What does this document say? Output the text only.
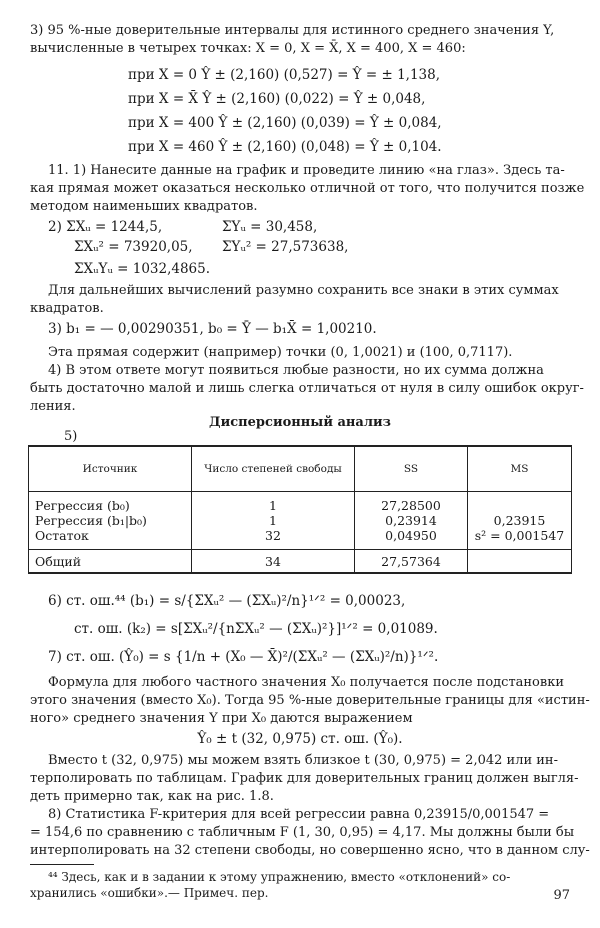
3) 95 %-ные доверительные интервалы для истинного среднего значения Y,
вычисленные в четырех точках: X = 0, X = X̄, X = 400, X = 460:
при X = 0 Ŷ ± (2,160) (0,527) = Ŷ = ± 1,138,
при X = X̄ Ŷ ± (2,160) (0,022) = Ŷ ± 0,048,
при X = 400 Ŷ ± (2,160) (0,039) = Ŷ ± 0,084,
при X = 460 Ŷ ± (2,160) (0,048) = Ŷ ± 0,104.
11. 1) Нанесите данные на график и проведите линию «на глаз». Здесь та-
кая прямая может оказаться несколько отличной от того, что получится позже
методом наименьших квадратов.
2) ΣXᵤ = 1244,5,	ΣYᵤ = 30,458,
ΣXᵤ² = 73920,05, ΣYᵤ² = 27,573638,
ΣXᵤYᵤ = 1032,4865.
Для дальнейших вычислений разумно сохранить все знаки в этих суммах
квадратов.
3) b₁ = — 0,00290351, b₀ = Ȳ — b₁X̄ = 1,00210.
Эта прямая содержит (например) точки (0, 1,0021) и (100, 0,7117).
4) В этом ответе могут появиться любые разности, но их сумма должна
быть достаточно малой и лишь слегка отличаться от нуля в силу ошибок округ-
ления.
Дисперсионный анализ
5)
Источник	Число степеней свободы	SS	MS
Регрессия (b₀)	1	27,28500	
Регрессия (b₁|b₀)	1	0,23914	0,23915
Остаток	32	0,04950	s² = 0,001547
Общий	34	27,57364	
6) ст. ош.⁴⁴ (b₁) = s/{ΣXᵤ² — (ΣXᵤ)²/n}¹ᐟ² = 0,00023,
ст. ош. (k₂) = s[ΣXᵤ²/{nΣXᵤ² — (ΣXᵤ)²}]¹ᐟ² = 0,01089.
7) ст. ош. (Ŷ₀) = s {1/n + (X₀ — X̄)²/(ΣXᵤ² — (ΣXᵤ)²/n)}¹ᐟ².
Формула для любого частного значения X₀ получается после подстановки
этого значения (вместо X₀). Тогда 95 %-ные доверительные границы для «истин-
ного» среднего значения Y при X₀ даются выражением
Ŷ₀ ± t (32, 0,975) ст. ош. (Ŷ₀).
Вместо t (32, 0,975) мы можем взять близкое t (30, 0,975) = 2,042 или ин-
терполировать по таблицам. График для доверительных границ должен выгля-
деть примерно так, как на рис. 1.8.
8) Статистика F-критерия для всей регрессии равна 0,23915/0,001547 =
= 154,6 по сравнению с табличным F (1, 30, 0,95) = 4,17. Мы должны были бы
интерполировать на 32 степени свободы, но совершенно ясно, что в данном слу-
⁴⁴ Здесь, как и в задании к этому упражнению, вместо «отклонений» со-
хранились «ошибки».— Примеч. пер.	97
